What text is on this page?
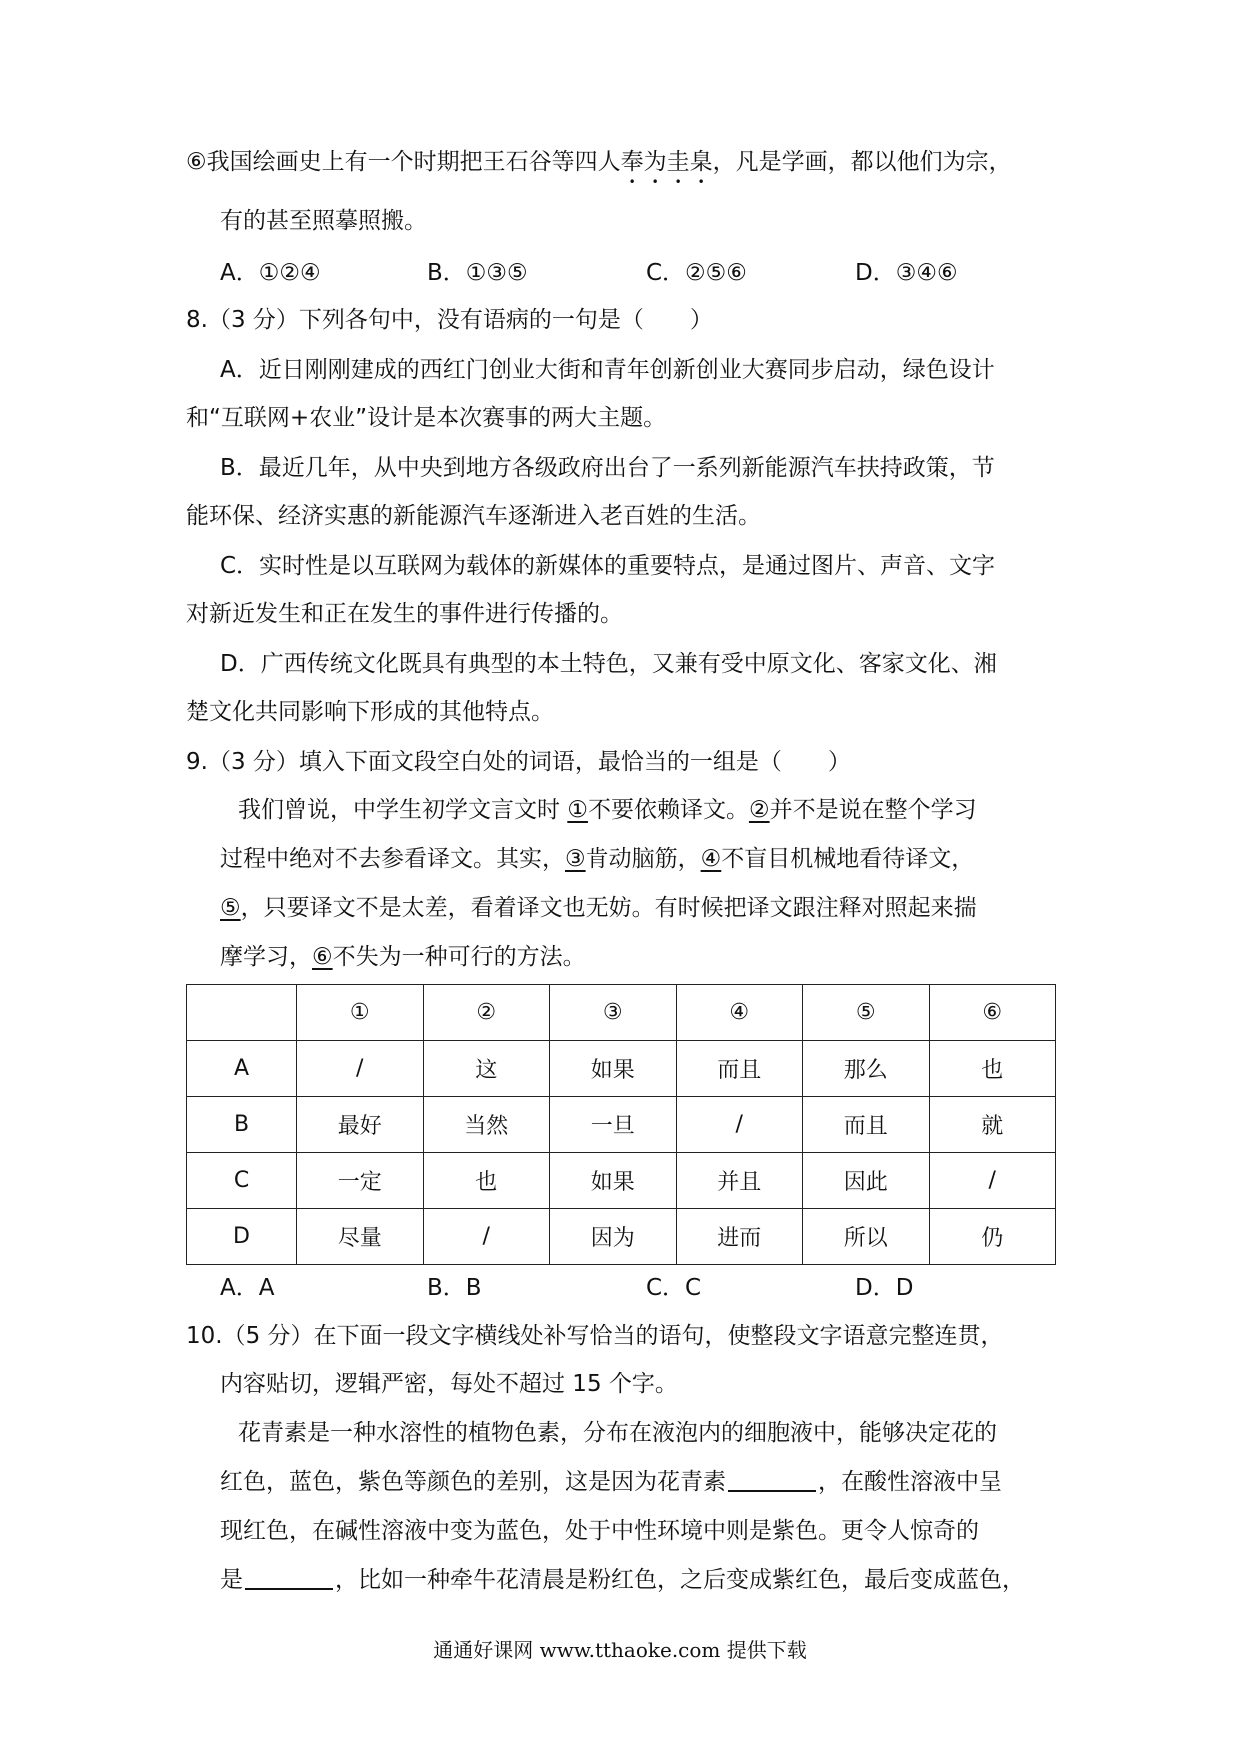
⑥我国绘画史上有一个时期把王石谷等四人奉为圭臬，凡是学画，都以他们为宗，
有的甚至照摹照搬。
A．①②④	B．①③⑤	C．②⑤⑥	D．③④⑥
8.（3 分）下列各句中，没有语病的一句是（　　）
A．近日刚刚建成的西红门创业大街和青年创新创业大赛同步启动，绿色设计
和“互联网+农业”设计是本次赛事的两大主题。
B．最近几年，从中央到地方各级政府出台了一系列新能源汽车扶持政策，节
能环保、经济实惠的新能源汽车逐渐进入老百姓的生活。
C．实时性是以互联网为载体的新媒体的重要特点，是通过图片、声音、文字
对新近发生和正在发生的事件进行传播的。
D．广西传统文化既具有典型的本土特色，又兼有受中原文化、客家文化、湘
楚文化共同影响下形成的其他特点。
9.（3 分）填入下面文段空白处的词语，最恰当的一组是（　　）
我们曾说，中学生初学文言文时 ①不要依赖译文。②并不是说在整个学习
过程中绝对不去参看译文。其实，③肯动脑筋，④不盲目机械地看待译文，
⑤，只要译文不是太差，看着译文也无妨。有时候把译文跟注释对照起来揣
摩学习，⑥不失为一种可行的方法。
	①	②	③	④	⑤	⑥
A	/	这	如果	而且	那么	也
B	最好	当然	一旦	/	而且	就
C	一定	也	如果	并且	因此	/
D	尽量	/	因为	进而	所以	仍
A．A	B．B	C．C	D．D
10.（5 分）在下面一段文字横线处补写恰当的语句，使整段文字语意完整连贯，
内容贴切，逻辑严密，每处不超过 15 个字。
花青素是一种水溶性的植物色素，分布在液泡内的细胞液中，能够决定花的
红色，蓝色，紫色等颜色的差别，这是因为花青素	，在酸性溶液中呈
现红色，在碱性溶液中变为蓝色，处于中性环境中则是紫色。更令人惊奇的
是	，比如一种牵牛花清晨是粉红色，之后变成紫红色，最后变成蓝色，
通通好课网 www.tthaoke.com 提供下载
